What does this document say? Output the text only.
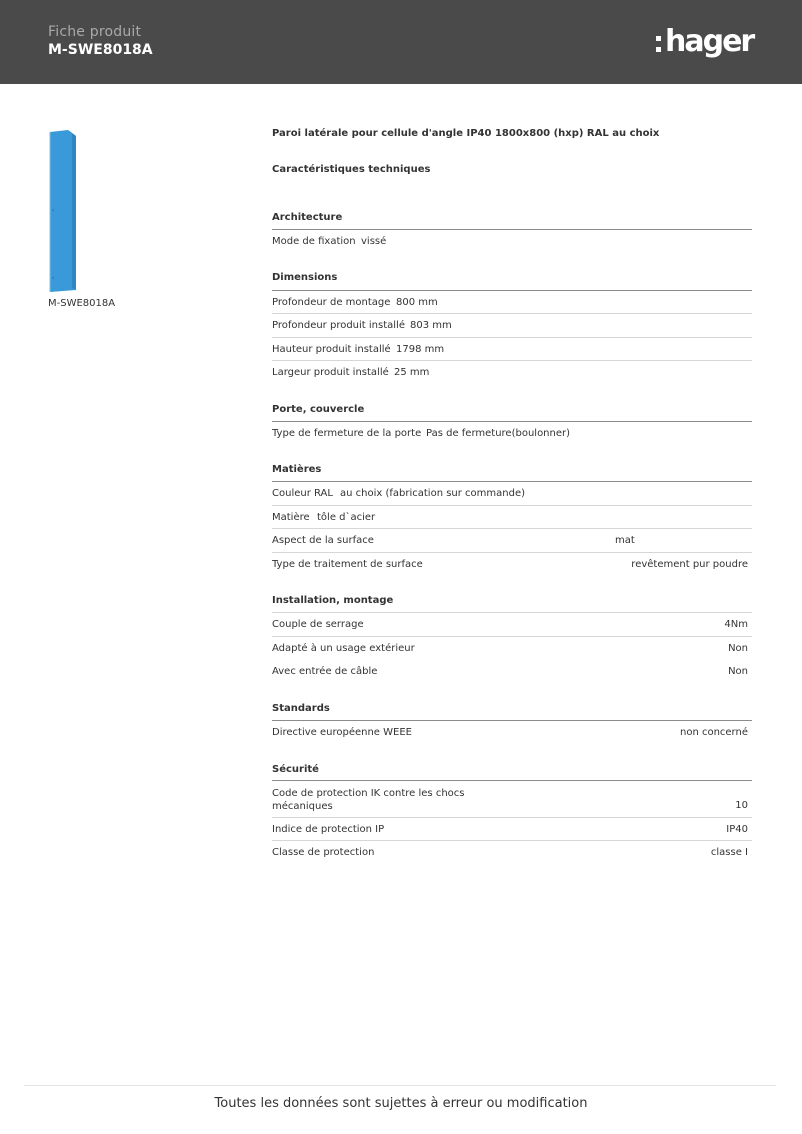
Fiche produit
M-SWE8018A	hager
M-SWE8018A
Paroi latérale pour cellule d'angle IP40 1800x800 (hxp) RAL au choix
Caractéristiques techniques
Architecture
Mode de fixation vissé
Dimensions
Profondeur de montage 800 mm
Profondeur produit installé 803 mm
Hauteur produit installé 1798 mm
Largeur produit installé 25 mm
Porte, couvercle
Type de fermeture de la porte Pas de fermeture(boulonner)
Matières
Couleur RAL au choix (fabrication sur commande)
Matière tôle d`acier
Aspect de la surface	mat
Type de traitement de surface	revêtement pur poudre
Installation, montage
Couple de serrage	4Nm
Adapté à un usage extérieur	Non
Avec entrée de câble	Non
Standards
Directive européenne WEEE	non concerné
Sécurité
Code de protection IK contre les chocs mécaniques	10
Indice de protection IP	IP40
Classe de protection	classe I
Toutes les données sont sujettes à erreur ou modification
